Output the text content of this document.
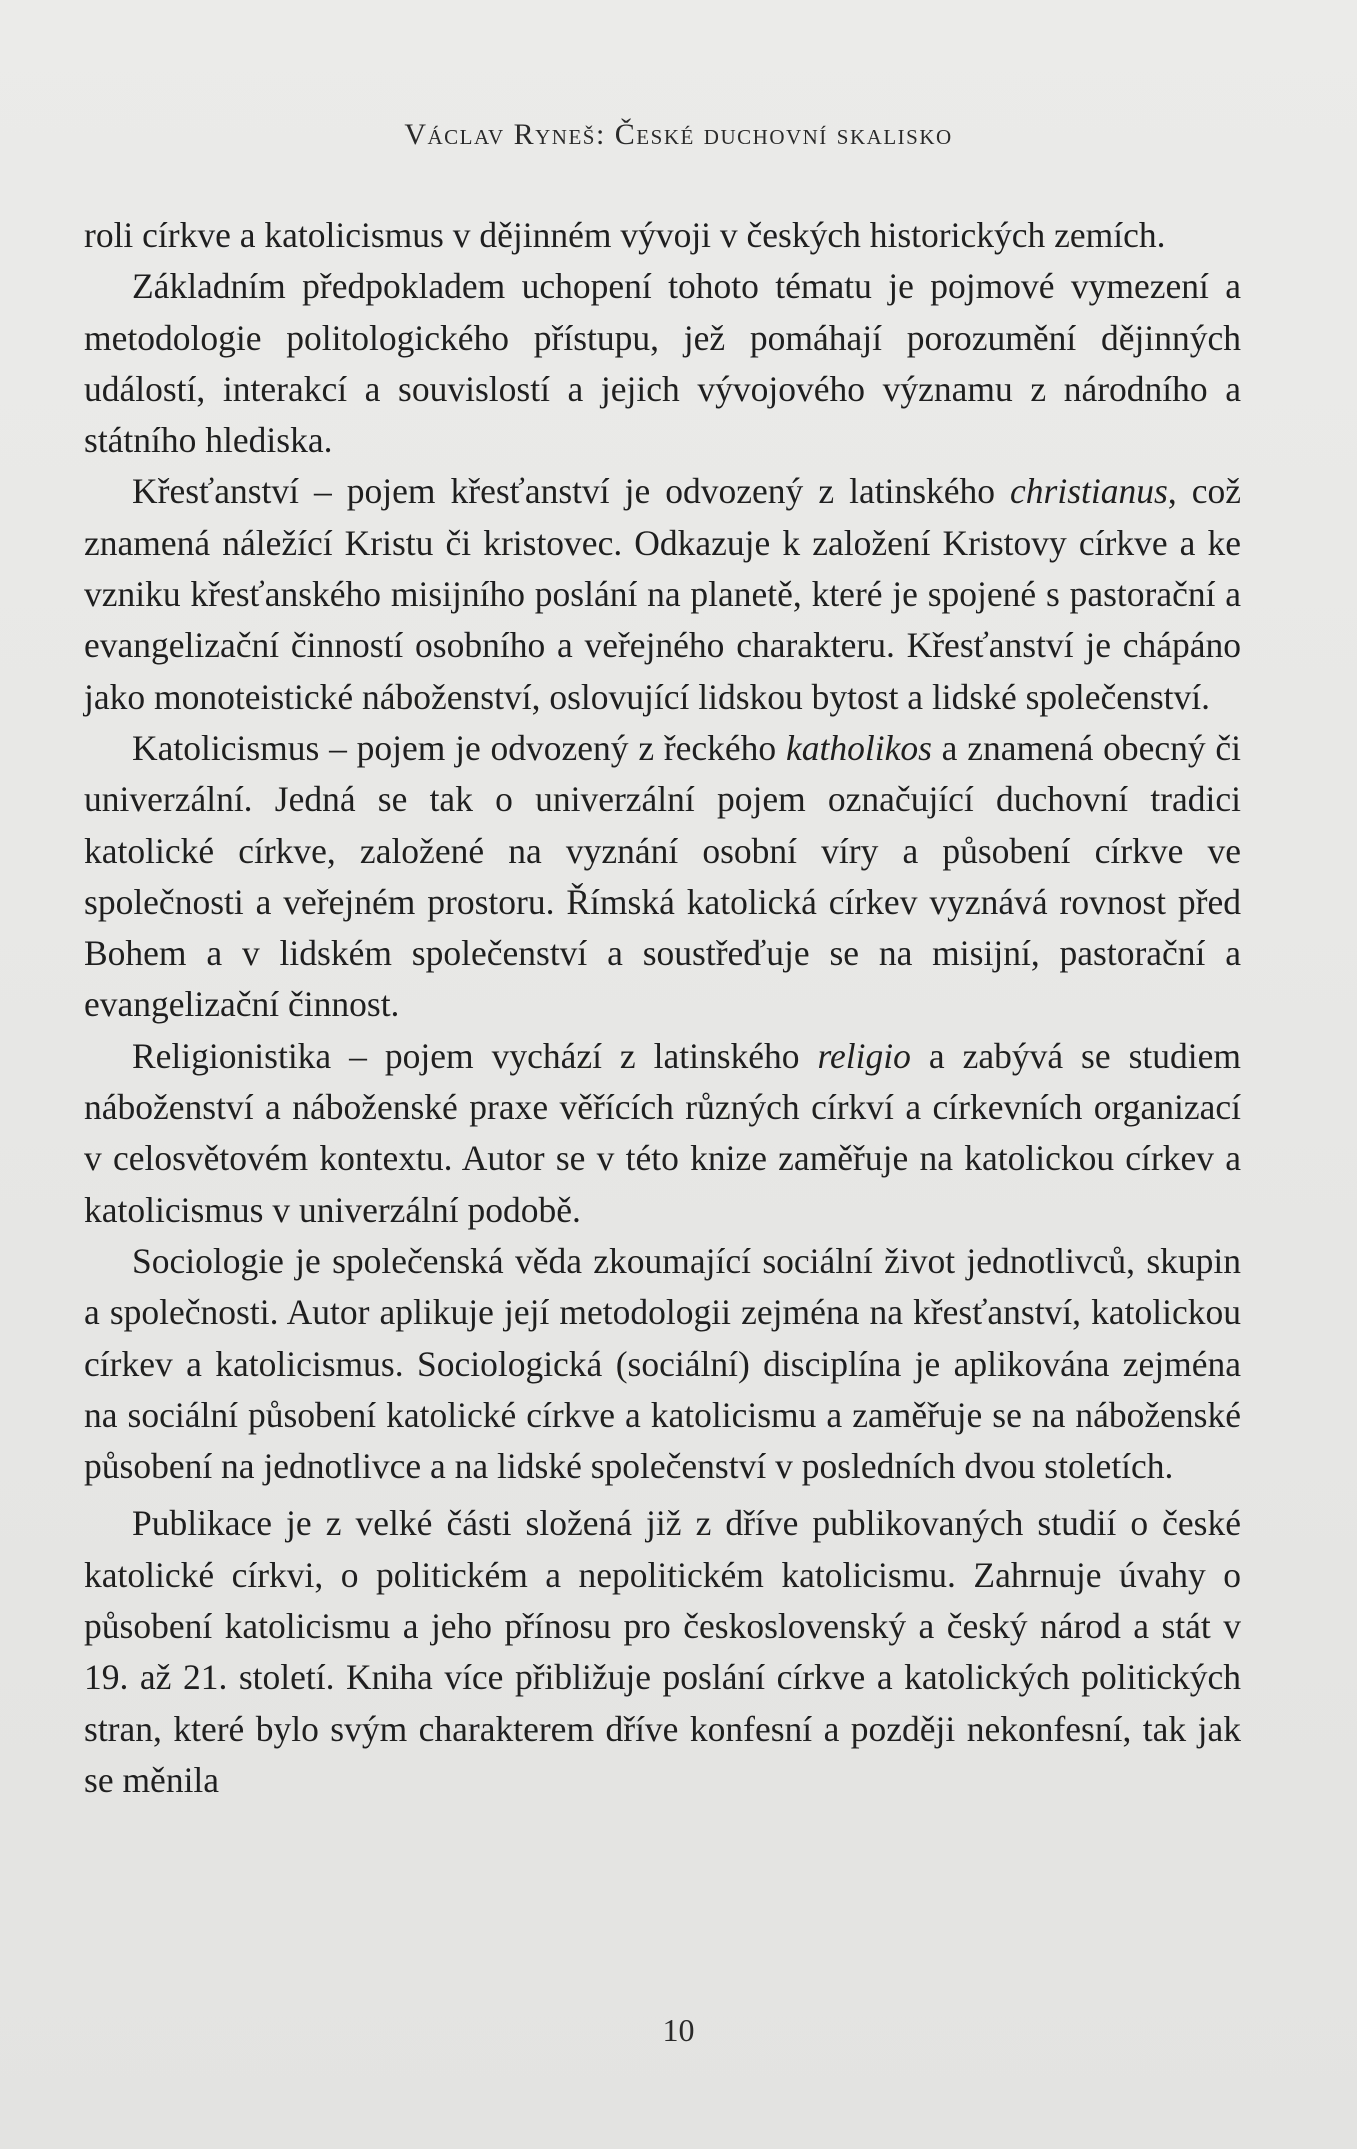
Václav Ryneš: České duchovní skalisko

roli církve a katolicismus v dějinném vývoji v českých historických zemích.

Základním předpokladem uchopení tohoto tématu je pojmové vymezení a metodologie politologického přístupu, jež pomáhají porozumění dějinných událostí, interakcí a souvislostí a jejich vývojového významu z národního a státního hlediska.

Křesťanství – pojem křesťanství je odvozený z latinského christianus, což znamená náležící Kristu či kristovec. Odkazuje k založení Kristovy církve a ke vzniku křesťanského misijního poslání na planetě, které je spojené s pastorační a evangelizační činností osobního a veřejného charakteru. Křesťanství je chápáno jako monoteistické náboženství, oslovující lidskou bytost a lidské společenství.

Katolicismus – pojem je odvozený z řeckého katholikos a znamená obecný či univerzální. Jedná se tak o univerzální pojem označující duchovní tradici katolické církve, založené na vyznání osobní víry a působení církve ve společnosti a veřejném prostoru. Římská katolická církev vyznává rovnost před Bohem a v lidském společenství a soustřeďuje se na misijní, pastorační a evangelizační činnost.

Religionistika – pojem vychází z latinského religio a zabývá se studiem náboženství a náboženské praxe věřících různých církví a církevních organizací v celosvětovém kontextu. Autor se v této knize zaměřuje na katolickou církev a katolicismus v univerzální podobě.

Sociologie je společenská věda zkoumající sociální život jednotlivců, skupin a společnosti. Autor aplikuje její metodologii zejména na křesťanství, katolickou církev a katolicismus. Sociologická (sociální) disciplína je aplikována zejména na sociální působení katolické církve a katolicismu a zaměřuje se na náboženské působení na jednotlivce a na lidské společenství v posledních dvou stoletích.

Publikace je z velké části složená již z dříve publikovaných studií o české katolické církvi, o politickém a nepolitickém katolicismu. Zahrnuje úvahy o působení katolicismu a jeho přínosu pro československý a český národ a stát v 19. až 21. století. Kniha více přibližuje poslání církve a katolických politických stran, které bylo svým charakterem dříve konfesní a později nekonfesní, tak jak se měnila

10
